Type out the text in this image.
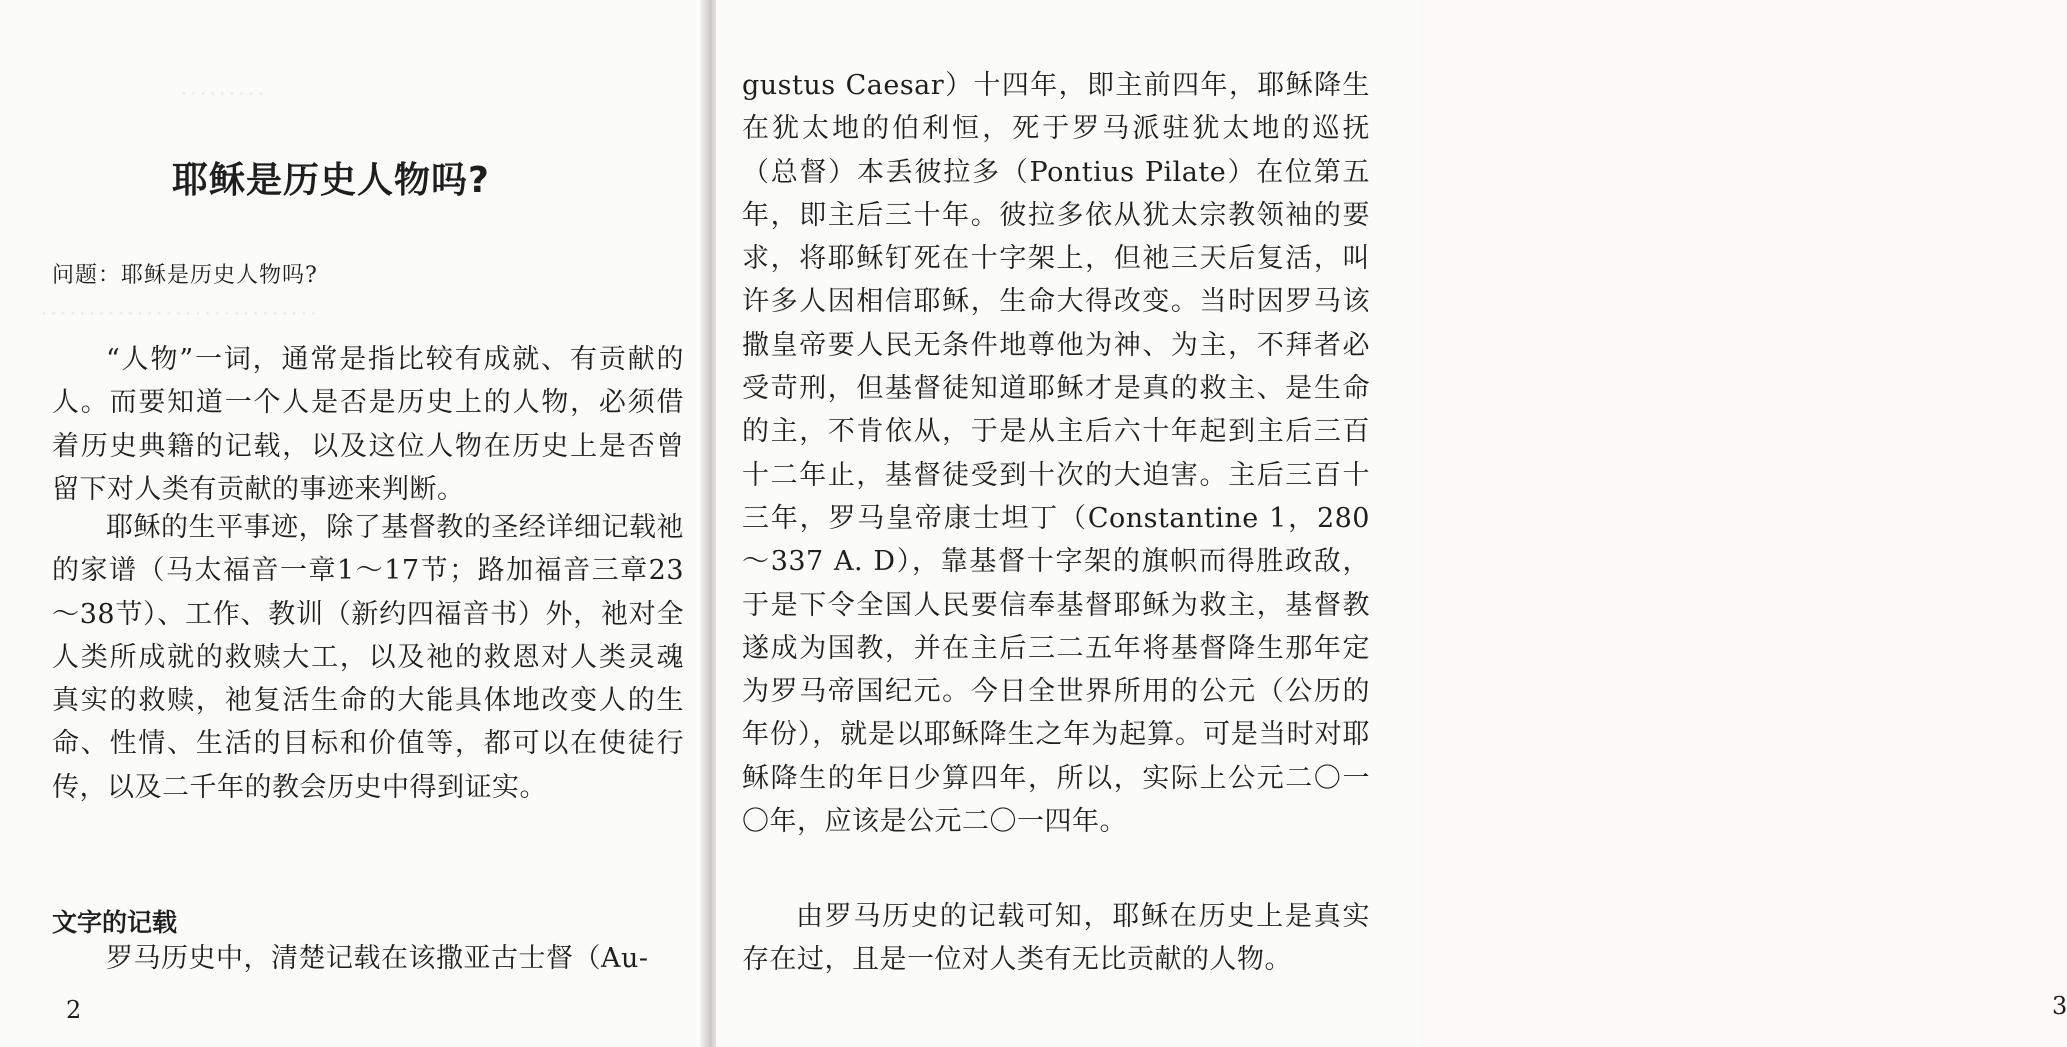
·········
·····························
耶稣是历史人物吗?

问题：耶稣是历史人物吗?

“人物”一词，通常是指比较有成就、有贡献的人。而要知道一个人是否是历史上的人物，必须借着历史典籍的记载，以及这位人物在历史上是否曾留下对人类有贡献的事迹来判断。

耶稣的生平事迹，除了基督教的圣经详细记载祂的家谱（马太福音一章1～17节；路加福音三章23～38节）、工作、教训（新约四福音书）外，祂对全人类所成就的救赎大工，以及祂的救恩对人类灵魂真实的救赎，祂复活生命的大能具体地改变人的生命、性情、生活的目标和价值等，都可以在使徒行传，以及二千年的教会历史中得到证实。

文字的记载

罗马历史中，清楚记载在该撒亚古士督（Au-

2

gustus Caesar）十四年，即主前四年，耶稣降生在犹太地的伯利恒，死于罗马派驻犹太地的巡抚（总督）本丢彼拉多（Pontius Pilate）在位第五年，即主后三十年。彼拉多依从犹太宗教领袖的要求，将耶稣钉死在十字架上，但祂三天后复活，叫许多人因相信耶稣，生命大得改变。当时因罗马该撒皇帝要人民无条件地尊他为神、为主，不拜者必受苛刑，但基督徒知道耶稣才是真的救主、是生命的主，不肯依从，于是从主后六十年起到主后三百十二年止，基督徒受到十次的大迫害。主后三百十三年，罗马皇帝康士坦丁（Constantine 1，280～337 A. D），靠基督十字架的旗帜而得胜政敌，于是下令全国人民要信奉基督耶稣为救主，基督教遂成为国教，并在主后三二五年将基督降生那年定为罗马帝国纪元。今日全世界所用的公元（公历的年份），就是以耶稣降生之年为起算。可是当时对耶稣降生的年日少算四年，所以，实际上公元二〇一〇年，应该是公元二〇一四年。

由罗马历史的记载可知，耶稣在历史上是真实存在过，且是一位对人类有无比贡献的人物。

3
